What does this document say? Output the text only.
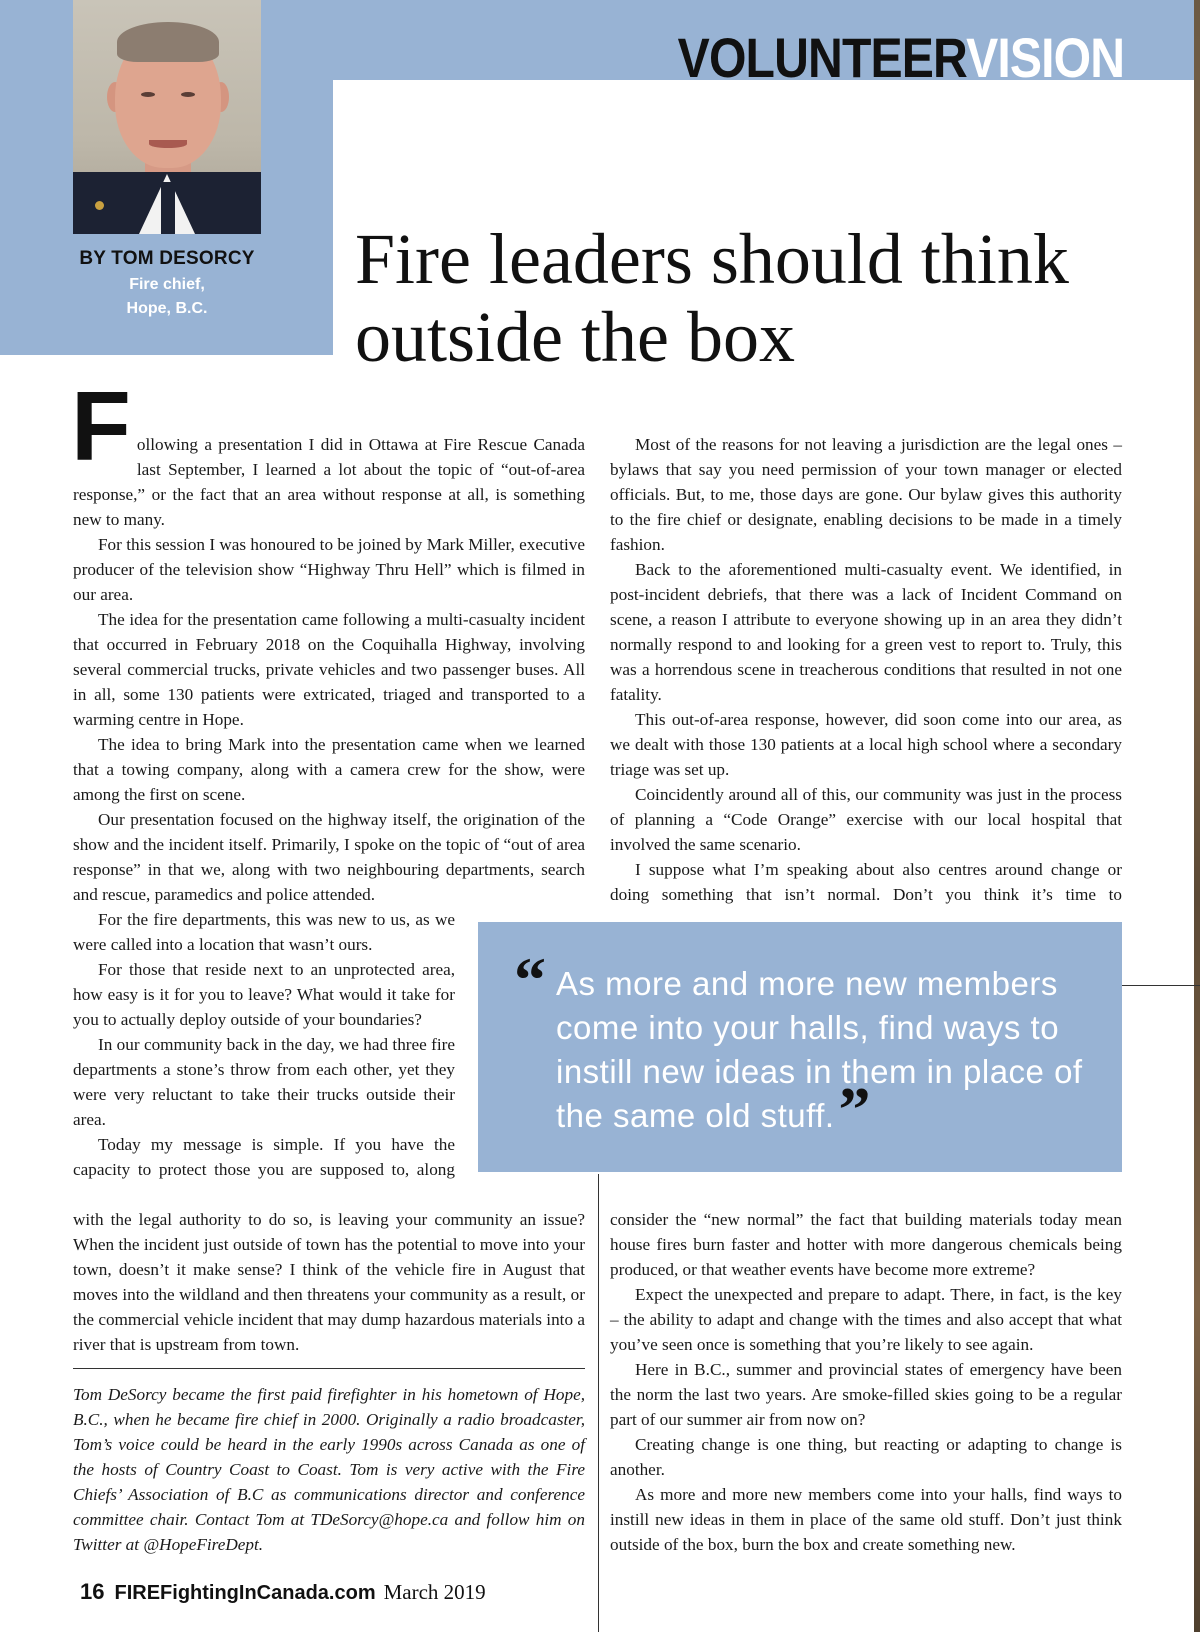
VOLUNTEERVISION
BY TOM DESORCY
Fire chief,
Hope, B.C.
Fire leaders should think
outside the box

Following a presentation I did in Ottawa at Fire Rescue Canada last September, I learned a lot about the topic of “out-of-area response,” or the fact that an area without response at all, is something new to many.

For this session I was honoured to be joined by Mark Miller, executive producer of the television show “Highway Thru Hell” which is filmed in our area.

The idea for the presentation came following a multi-casualty incident that occurred in February 2018 on the Coquihalla Highway, involving several commercial trucks, private vehicles and two passenger buses. All in all, some 130 patients were extricated, triaged and transported to a warming centre in Hope.

The idea to bring Mark into the presentation came when we learned that a towing company, along with a camera crew for the show, were among the first on scene.

Our presentation focused on the highway itself, the origination of the show and the incident itself. Primarily, I spoke on the topic of “out of area response” in that we, along with two neighbouring departments, search and rescue, paramedics and police attended.

For the fire departments, this was new to us, as we were called into a location that wasn’t ours.

For those that reside next to an unprotected area, how easy is it for you to leave? What would it take for you to actually deploy outside of your boundaries?

In our community back in the day, we had three fire departments a stone’s throw from each other, yet they were very reluctant to take their trucks outside their area.

Today my message is simple. If you have the capacity to protect those you are supposed to, along

with the legal authority to do so, is leaving your community an issue? When the incident just outside of town has the potential to move into your town, doesn’t it make sense? I think of the vehicle fire in August that moves into the wildland and then threatens your community as a result, or the commercial vehicle incident that may dump hazardous materials into a river that is upstream from town.

Most of the reasons for not leaving a jurisdiction are the legal ones – bylaws that say you need permission of your town manager or elected officials. But, to me, those days are gone. Our bylaw gives this authority to the fire chief or designate, enabling decisions to be made in a timely fashion.

Back to the aforementioned multi-casualty event. We identified, in post-incident debriefs, that there was a lack of Incident Command on scene, a reason I attribute to everyone showing up in an area they didn’t normally respond to and looking for a green vest to report to. Truly, this was a horrendous scene in treacherous conditions that resulted in not one fatality.

This out-of-area response, however, did soon come into our area, as we dealt with those 130 patients at a local high school where a secondary triage was set up.

Coincidently around all of this, our community was just in the process of planning a “Code Orange” exercise with our local hospital that involved the same scenario.

I suppose what I’m speaking about also centres around change or doing something that isn’t normal. Don’t you think it’s time to

“ As more and more new members come into your halls, find ways to instill new ideas in them in place of the same old stuff.”

consider the “new normal” the fact that building materials today mean house fires burn faster and hotter with more dangerous chemicals being produced, or that weather events have become more extreme?

Expect the unexpected and prepare to adapt. There, in fact, is the key – the ability to adapt and change with the times and also accept that what you’ve seen once is something that you’re likely to see again.

Here in B.C., summer and provincial states of emergency have been the norm the last two years. Are smoke-filled skies going to be a regular part of our summer air from now on?

Creating change is one thing, but reacting or adapting to change is another.

As more and more new members come into your halls, find ways to instill new ideas in them in place of the same old stuff. Don’t just think outside of the box, burn the box and create something new.

Tom DeSorcy became the first paid firefighter in his hometown of Hope, B.C., when he became fire chief in 2000. Originally a radio broadcaster, Tom’s voice could be heard in the early 1990s across Canada as one of the hosts of Country Coast to Coast. Tom is very active with the Fire Chiefs’ Association of B.C as communications director and conference committee chair. Contact Tom at TDeSorcy@hope.ca and follow him on Twitter at @HopeFireDept.
16 FIREFightingInCanada.com March 2019
